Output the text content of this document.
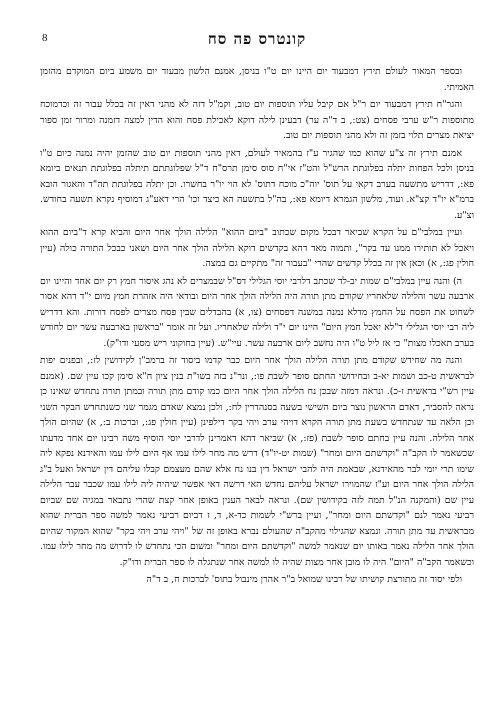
קונטרס פה סח
8

ובספר המאור לעולם תירץ דמבעוד יום היינו יום ט"ו בניסן, אמנם הלשון מבעוד יום משמע ביום המוקדם מהזמן האמיתי.

והגר"ח תירץ דמבעוד יום ר"ל אם קיבל עליו תוספות יום טוב, וקמ"ל דזה לא מהני דאין זה בכלל עבור זה וכדמוכח מתוספות ר"ש ערבי פסחים (צט:, ב ד"ה ער) דבעינן לילה דוקא לאכילת פסח והוא הדין למצה דזמנה ומרור זמן ספור יציאת מצרים תלוי בזמן זה ולא מהני תוספות יום טוב.

אמנם תירץ זה צ"ע שהוא כמו שהגיר ע"ז בהמאיר לעולם, דאין מהני תוספות יום טוב שהזמן יהיה נמנה כיום ט"ו בניסן ולכל הפחות יתלה בפלוגתת הרש"ל והט"ז אי"ח סוס סימן תרס"ח ד"ל שפלוגתתם תיתלה בפלוגתת תנאים ביומא פא:, דדריש מתשעה בערב דקאי על תוס' יוה"כ מוכח דתוס' לא הוי יו"ר בחשרו. וכן יתלה בפלוגתת תה"ד והאגור הובא ברמ"א יו"ד קצ"א. ועוד, מלשון הגמרא דיומא פא:, בה"ל בתשעה הא כיצד וכו' הרי דאע"ג דמוסיף נקרא תשעה בחודש. וצ"ע.

ועיין במלבי"ם על הקרא שביאר דבכל מקום שכתוב "ביום ההוא" הלילה הולך אחר היום והביא קרא ד"ביום ההוא ויאכל לא תותירו ממנו עד בקר", ותמוה מאד דהא בקדשים דוקא הלילה הולך אחר היום ושאני כבכל התורה כולה (עיין חולין פג:, א) וכאן אין זה בכלל קדשים שהרי "בעבור זה" מתקיים גם במצה.

ה) והנה עיין במלבי"ם שמות יב-לד שכתב דלרבי יוסי הגלילי דס"ל שבמצרים לא נהג איסור חמץ רק יום אחד והיינו יום ארבעה עשר והלילה שלאחריו שקודם מתן תורה היה הלילה הולך אחר היום ובודאי היה אזהרת חמץ מיום י"ד דהא אסור לשחוט את הפסח על החמץ מדלא נמנה במשנה דפסחים (צו, א) בהבדלים שבין פסח מצרים לפסח דורות. והא דדריש ליה רבי יוסי הגלילי ד"לא יאכל חמץ היום" היינו יום י"ד ולילה שלאחריו. ועל זה אומר "בראשון בארבעה עשר יום לחודש בערב תאכלו מצות" כי אז ליל ט"ו היה נחשב ליום ארבעה עשר. עיי"ש. (עיין בחוקוני ריש מסעי ודו"ק).

והנה מה שחידש שקודם מתן תורה הלילה הולך אחר היום כבר קדמו ביסוד זה ברמב"ן לקידושין לז:, ובפנים יפות לבראשית ט-כב ושמות יא-ב ובחידושי החתם סופר לשבת פו:, ונר"נ בזה בשו"ת בנין ציון ח"א סימן קכו עיין שם. (אמנם עיין רש"י בראשית ז-כ). ונראה דמזה שבכן נח הלילה הולך אחר היום כמו קודם מתן תורה ובמתן תורה נתחדש שאינו כן נראה להסביר, דאדם הראשון נוצר ביום השישי בשעה בסנהדרין לח:, ולכן נמצא שאדם מגמר שני כשנתחדש הבקר השני וכן הלאה עד שנתחדש בשעת מתן תורה הקרא דויהי ערב ויהי בקר דילפינן (עיין חולין פג:, וברכות ב:, א) שהיום הולך אחר הלילה. והנה עיין בחתם סופר לשבת (פז:, א) שביאר דהא דאמרינן לדרבי יוסי הוסיף משה רבינו יום אחד מדעתו שכשאמר לו הקב"ה "וקדשתם היום ומחר" (שמות יט-יו"ד) דרש מה מחר לילו עמו אף היום לילו עמו והאידנא נפקא ליה שימו תרי יומי לבר מהאידנא, שבאמת היה להבי ישראל דין בנו נח אלא שהם מעצמם קבלו עליהם דין ישראל ואעל ב"ג הלילה הולך אחר היום וע"ז שהמוירו ישראל עליהם נחדש האי דרשה דאי אפשר שיהיה ליה לילו עמו שכבר עבר הלילה עיין שם (והמקנה הנ"ל תמה לזה בקידושין שם). ונראה לבאר הענין באופן אחר קצת שהרי נתבאר במגיה שם שביום רביעי נאמר לנם "וקדשתם היום ומחר", ועיין ברש"י לשמות כד-א, ד, ז דביום רביעי נאמר למשה ספר הברית שהוא מבראשית עד מתן תורה. ונמצא שהגילוי מהקב"ה שהעולם נברא באופן זה של "ויהי ערב ויהי בקר" שהוא המקור שהיום הולך אחר הלילה נאמר באותו יום שנאמר למשה "וקדשתם היום ומחר" ומשום הכי נתחדש לו לדרוש מה מחר לילו עמו. וכשאמר הקב"ה "היום" היה לו מובן אחר מצות שהיה לו למשה אחר שנתגלה לו ספר הברית ודו"ק.

ולפי יסוד זה מתורצת קושיתו של רבינו שמואל ב"ר אהרן מינבול בתוס' לברכות ח, ב ד"ה
